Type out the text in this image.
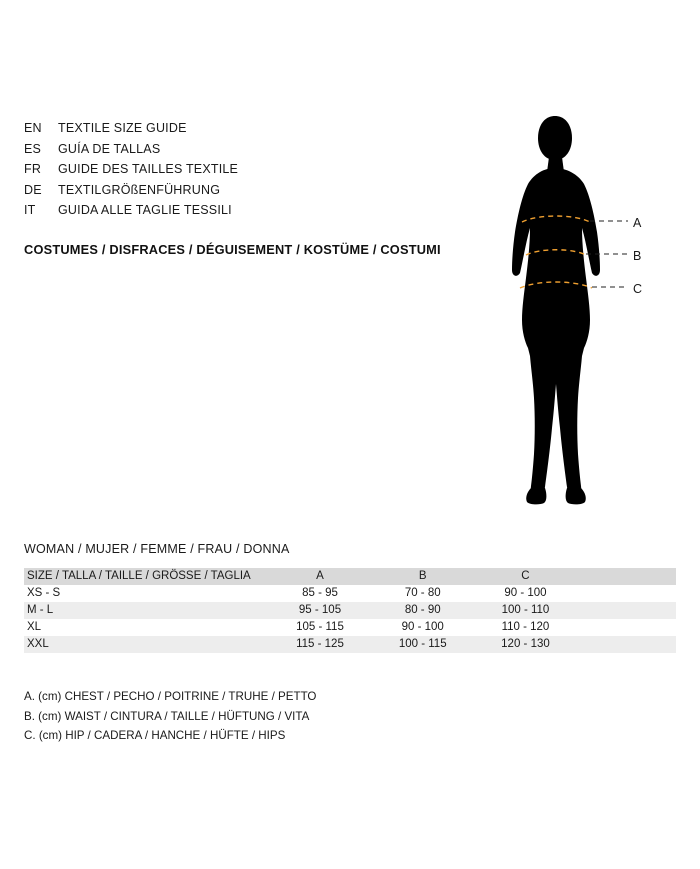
EN	TEXTILE SIZE GUIDE
ES	GUÍA DE TALLAS
FR	GUIDE DES TAILLES TEXTILE
DE	TEXTILGRÖßENFÜHRUNG
IT	GUIDA ALLE TAGLIE TESSILI
COSTUMES / DISFRACES / DÉGUISEMENT / KOSTÜME / COSTUMI
A
B
C
WOMAN / MUJER / FEMME / FRAU / DONNA
SIZE / TALLA / TAILLE / GRÖSSE / TAGLIA	A	B	C	
XS - S	85 - 95	70 - 80	90 - 100	
M - L	95 - 105	80 - 90	100 - 110	
XL	105 - 115	90 - 100	110 - 120	
XXL	115 - 125	100 - 115	120 - 130	
A. (cm) CHEST / PECHO / POITRINE / TRUHE / PETTO
B. (cm) WAIST / CINTURA / TAILLE / HÜFTUNG / VITA
C. (cm) HIP / CADERA / HANCHE / HÜFTE / HIPS
